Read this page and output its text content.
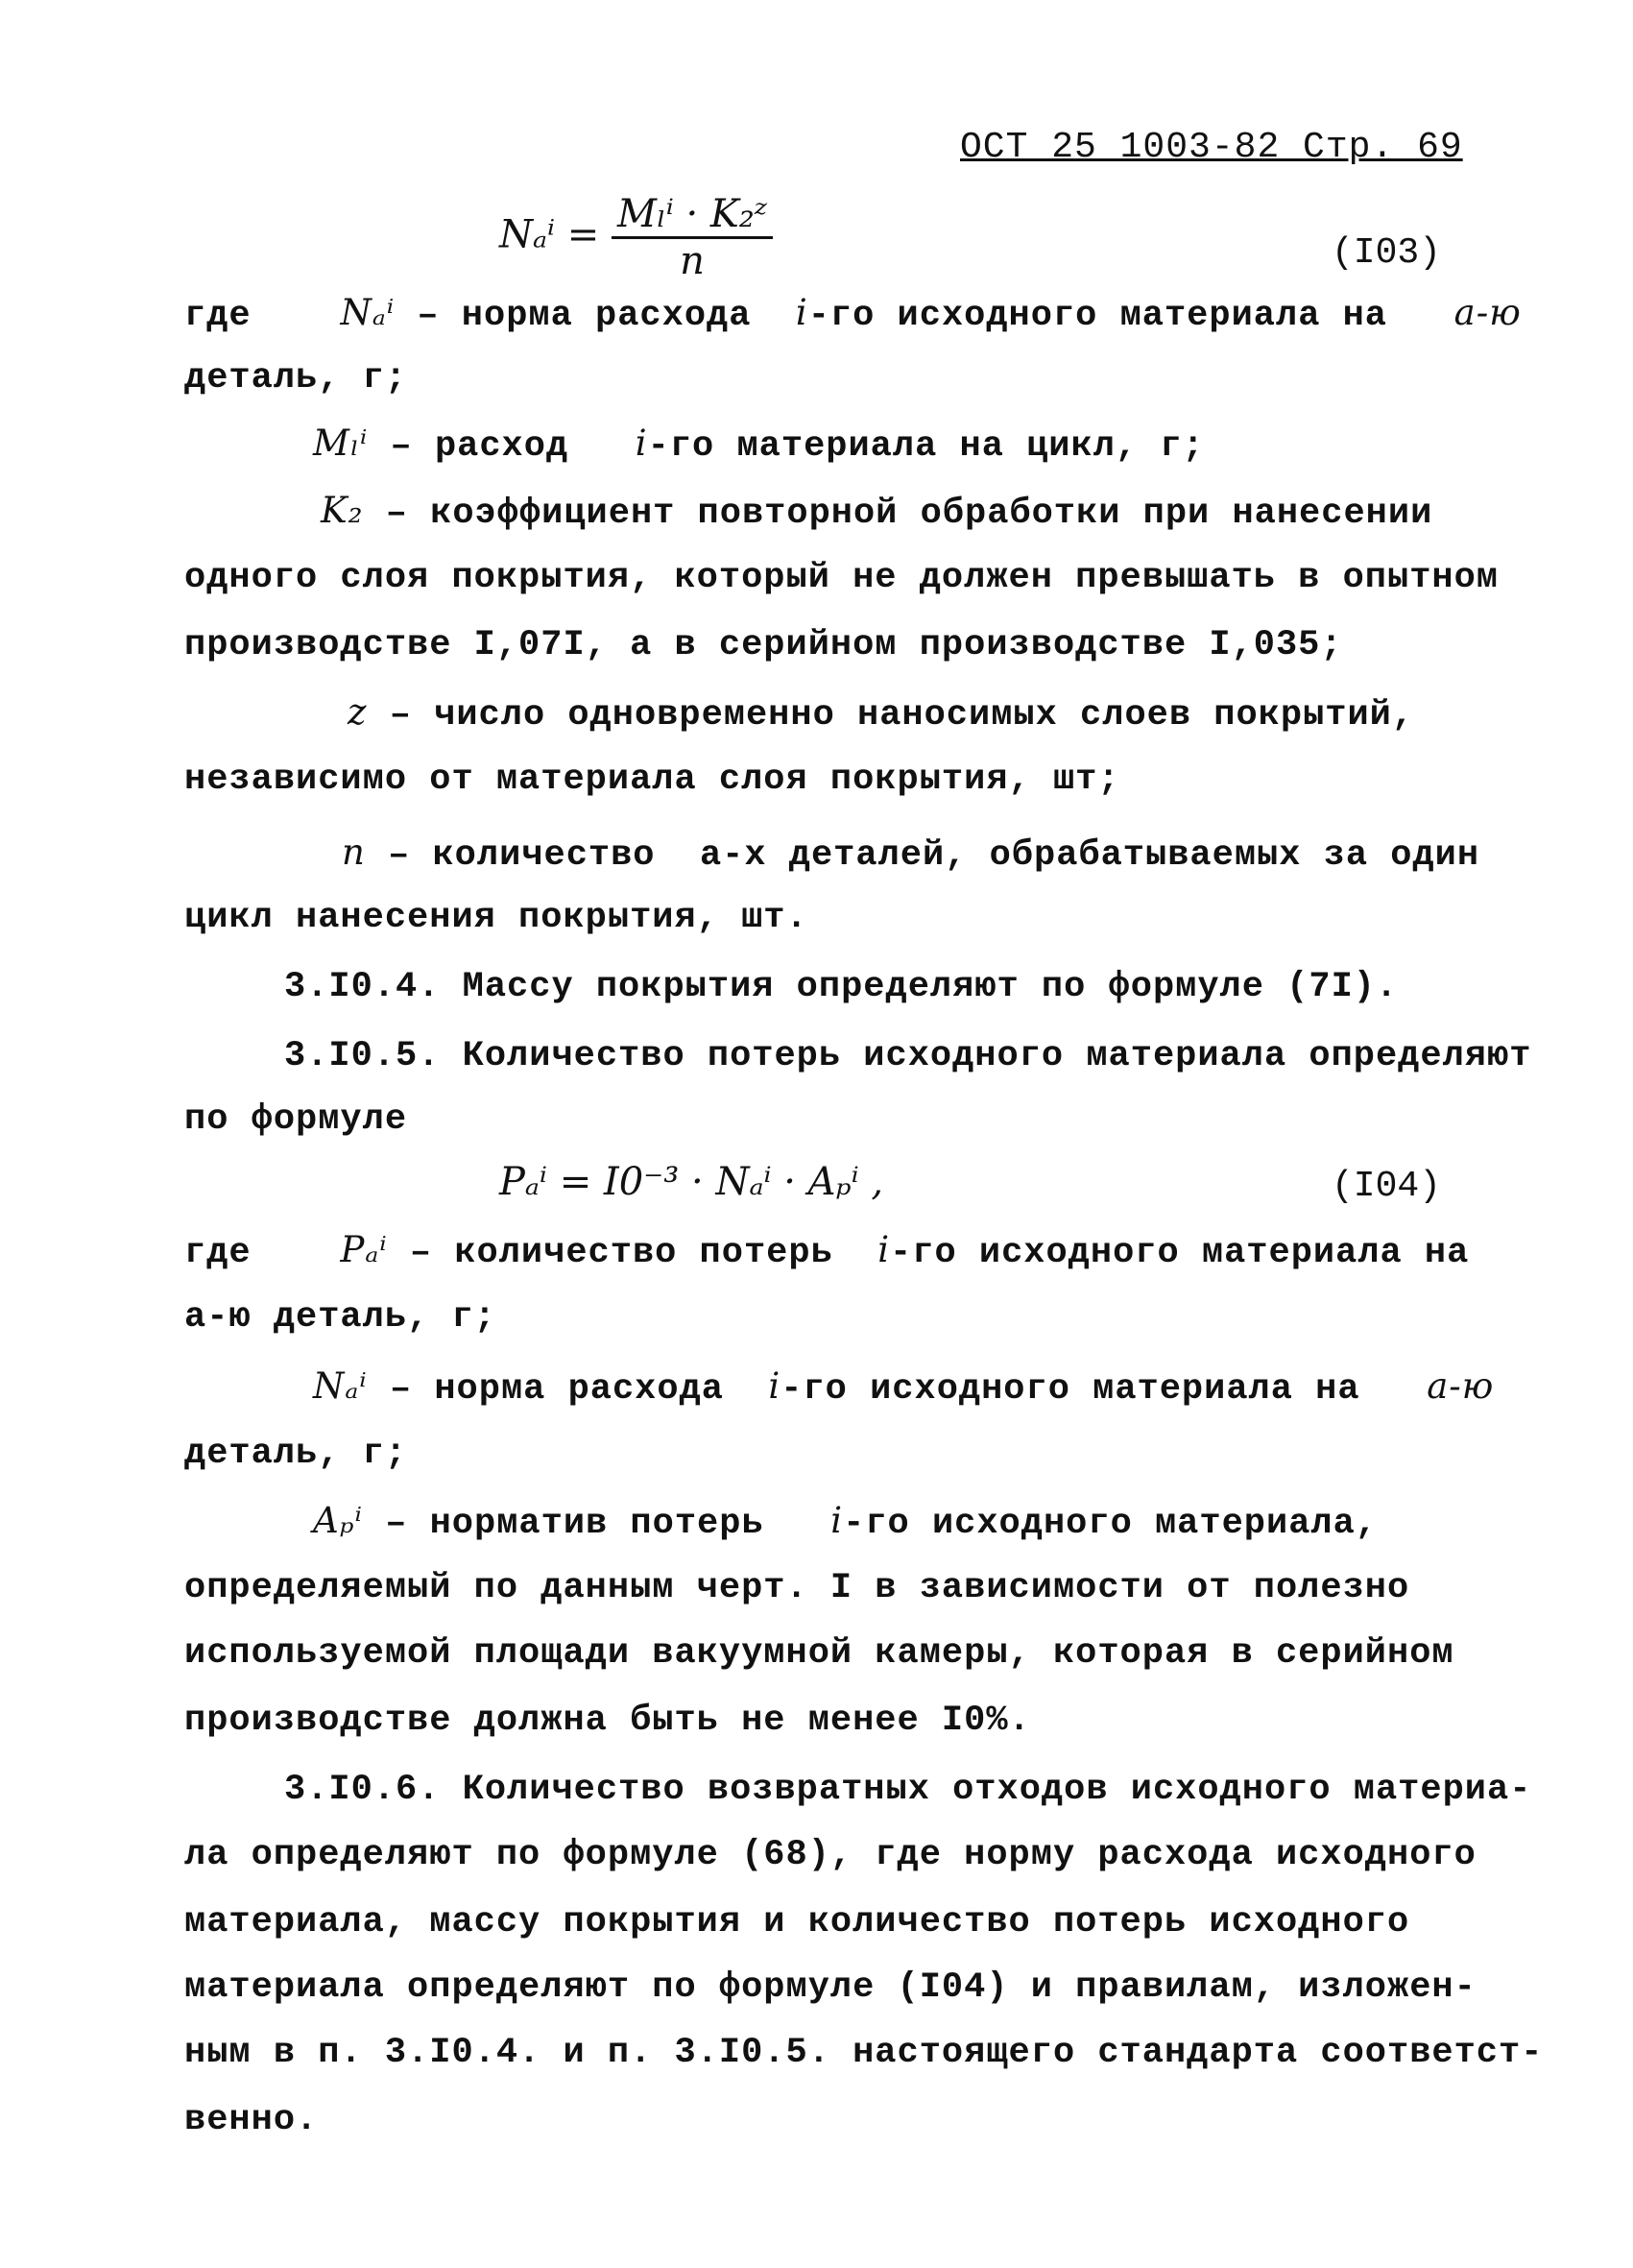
ОСТ 25 1003-82 Стр. 69
$N_a^i = \frac{\text{Mₗⁱ · K₂ᶻ}}{n}$	(I03)
где	Nₐⁱ – норма расхода i-го исходного материала на а-ю
деталь, г;
Mₗⁱ – расход i-го материала на цикл, г;
K₂ – коэффициент повторной обработки при нанесении
одного слоя покрытия, который не должен превышать в опытном
производстве I,07I, а в серийном производстве I,035;
z – число одновременно наносимых слоев покрытий,
независимо от материала слоя покрытия, шт;
n – количество а-х деталей, обрабатываемых за один
цикл нанесения покрытия, шт.
3.I0.4. Массу покрытия определяют по формуле (7I).
3.I0.5. Количество потерь исходного материала определяют
по формуле
Pₐⁱ = I0⁻³ · Nₐⁱ · Aₚⁱ ,	(I04)
где	Pₐⁱ – количество потерь i-го исходного материала на
а-ю деталь, г;
Nₐⁱ – норма расхода i-го исходного материала на а-ю
деталь, г;
Aₚⁱ – норматив потерь i-го исходного материала,
определяемый по данным черт. I в зависимости от полезно
используемой площади вакуумной камеры, которая в серийном
производстве должна быть не менее I0%.
3.I0.6. Количество возвратных отходов исходного материа-
ла определяют по формуле (68), где норму расхода исходного
материала, массу покрытия и количество потерь исходного
материала определяют по формуле (I04) и правилам, изложен-
ным в п. 3.I0.4. и п. 3.I0.5. настоящего стандарта соответст-
венно.
